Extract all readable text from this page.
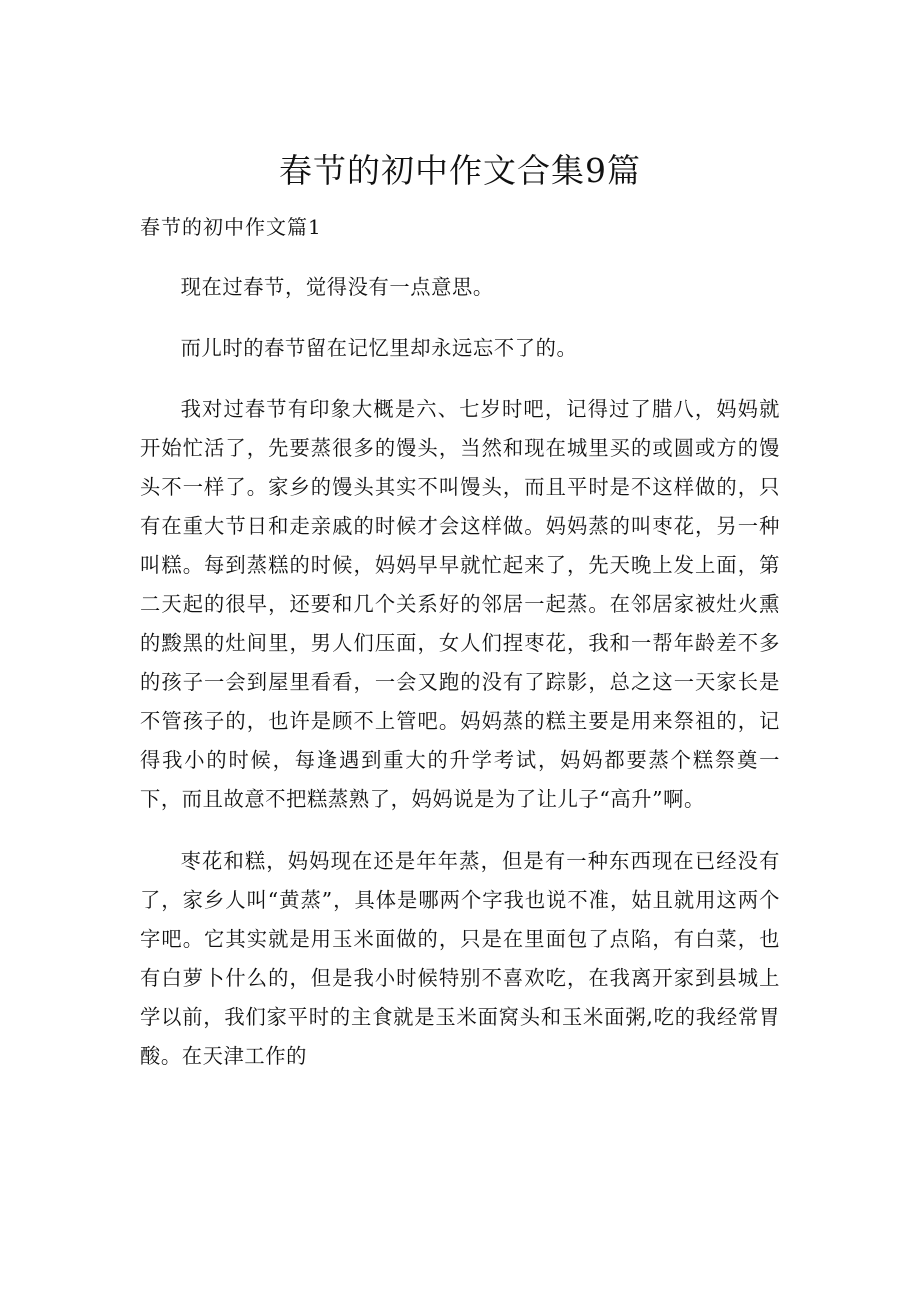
春节的初中作文合集9篇
春节的初中作文篇1

现在过春节，觉得没有一点意思。

而儿时的春节留在记忆里却永远忘不了的。

我对过春节有印象大概是六、七岁时吧，记得过了腊八，妈妈就开始忙活了，先要蒸很多的馒头，当然和现在城里买的或圆或方的馒头不一样了。家乡的馒头其实不叫馒头，而且平时是不这样做的，只有在重大节日和走亲戚的时候才会这样做。妈妈蒸的叫枣花，另一种叫糕。每到蒸糕的时候，妈妈早早就忙起来了，先天晚上发上面，第二天起的很早，还要和几个关系好的邻居一起蒸。在邻居家被灶火熏的黢黑的灶间里，男人们压面，女人们捏枣花，我和一帮年龄差不多的孩子一会到屋里看看，一会又跑的没有了踪影，总之这一天家长是不管孩子的，也许是顾不上管吧。妈妈蒸的糕主要是用来祭祖的，记得我小的时候，每逢遇到重大的升学考试，妈妈都要蒸个糕祭奠一下，而且故意不把糕蒸熟了，妈妈说是为了让儿子“高升”啊。

枣花和糕，妈妈现在还是年年蒸，但是有一种东西现在已经没有了，家乡人叫“黄蒸”，具体是哪两个字我也说不准，姑且就用这两个字吧。它其实就是用玉米面做的，只是在里面包了点陷，有白菜，也有白萝卜什么的，但是我小时候特别不喜欢吃，在我离开家到县城上学以前，我们家平时的主食就是玉米面窝头和玉米面粥,吃的我经常胃酸。在天津工作的
